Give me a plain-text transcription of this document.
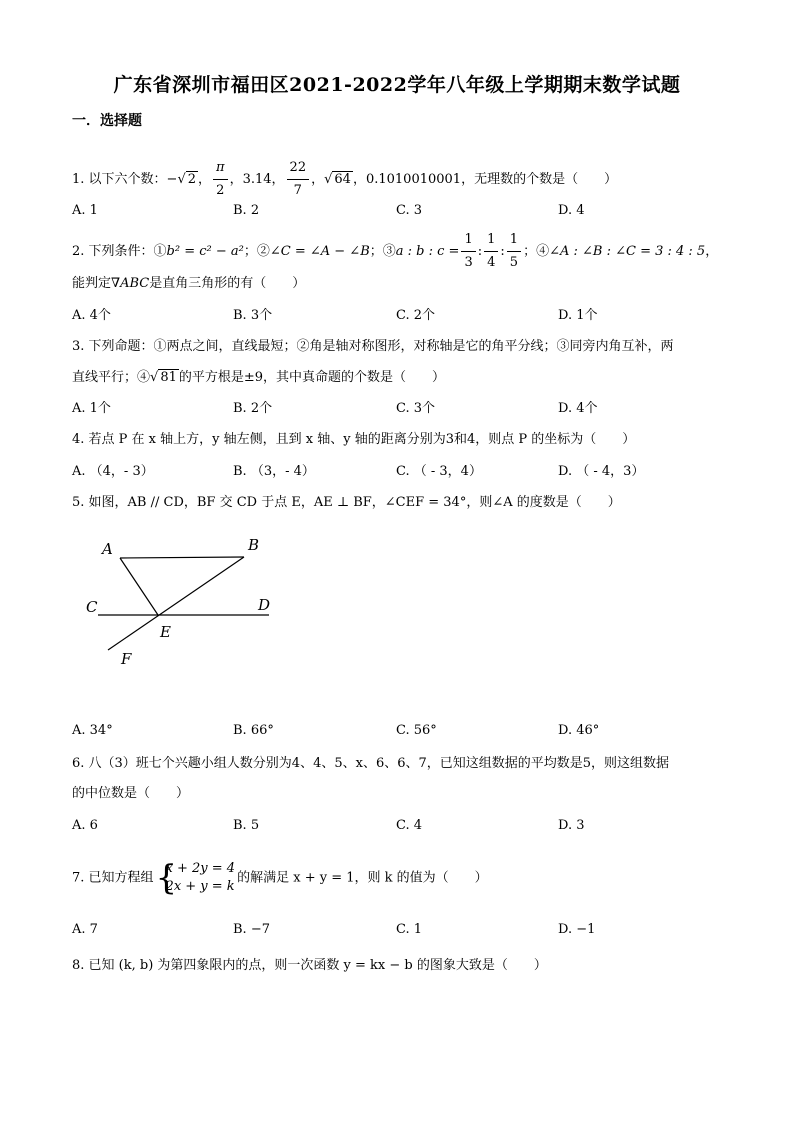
广东省深圳市福田区2021-2022学年八年级上学期期末数学试题
一．选择题
1. 以下六个数：−√ 2 ， $\frac{\pi}{2}$ ，3.14， $\frac{22}{7}$ ，√ 64 ，0.1010010001，无理数的个数是（　　）
A. 1	B. 2	C. 3	D. 4
2. 下列条件：①b² = c² − a²；②∠C = ∠A − ∠B；③a : b : $c = \frac{1}{3}$ : $\frac{1}{4}$ : $\frac{1}{5}$ ；④∠A : ∠B : ∠C = 3 : 4 : 5，
能判定∇ABC是直角三角形的有（　　）
A. 4个	B. 3个	C. 2个	D. 1个
3. 下列命题：①两点之间，直线最短；②角是轴对称图形，对称轴是它的角平分线；③同旁内角互补，两
直线平行；④√ 81 的平方根是±9，其中真命题的个数是（　　）
A. 1个	B. 2个	C. 3个	D. 4个
4. 若点 P 在 x 轴上方，y 轴左侧，且到 x 轴、y 轴的距离分别为3和4，则点 P 的坐标为（　　）
A. （4，- 3）	B. （3，- 4）	C. （ - 3，4）	D. （ - 4，3）
5. 如图，AB // CD，BF 交 CD 于点 E，AE ⊥ BF，∠CEF = 34°，则∠A 的度数是（　　）
A	B
C	D
E
F
A. 34°	B. 66°	C. 56°	D. 46°
6. 八（3）班七个兴趣小组人数分别为4、4、5、x、6、6、7，已知这组数据的平均数是5，则这组数据
的中位数是（　　）
A. 6	B. 5	C. 4	D. 3
7. 已知方程组 {
x + 2y = 4
2x + y = k
的解满足 x + y = 1，则 k 的值为（　　）
A. 7	B. −7	C. 1	D. −1
8. 已知 (k, b) 为第四象限内的点，则一次函数 y = kx − b 的图象大致是（　　）
